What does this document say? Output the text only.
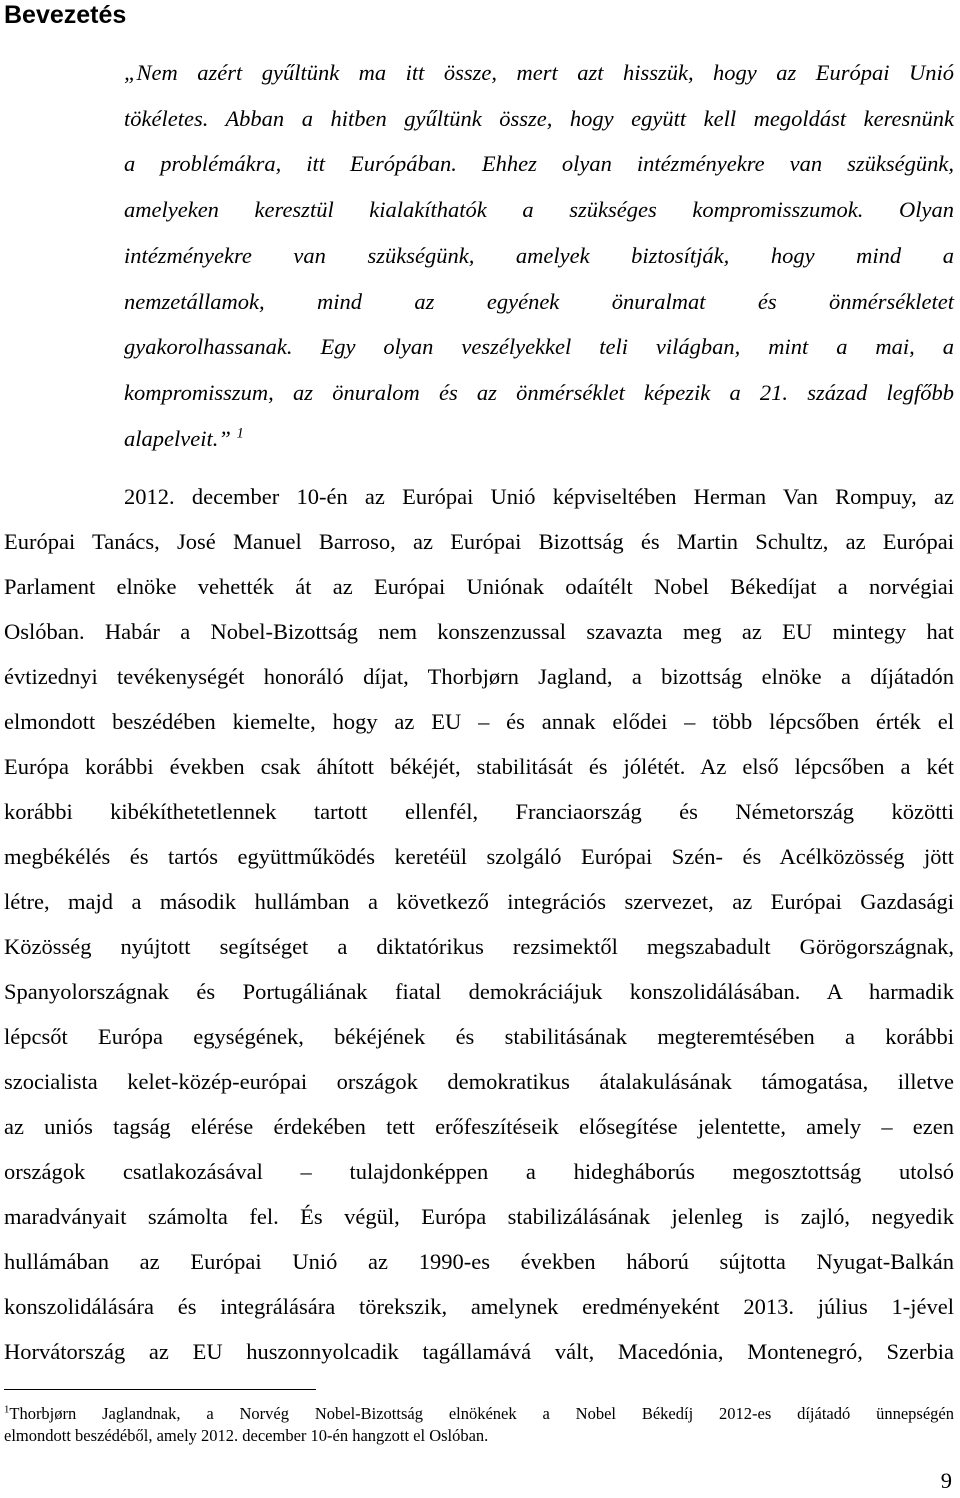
Bevezetés
„Nem azért gyűltünk ma itt össze, mert azt hisszük, hogy az Európai Unió
tökéletes. Abban a hitben gyűltünk össze, hogy együtt kell megoldást keresnünk
a problémákra, itt Európában. Ehhez olyan intézményekre van szükségünk,
amelyeken keresztül kialakíthatók a szükséges kompromisszumok. Olyan
intézményekre van szükségünk, amelyek biztosítják, hogy mind a
nemzetállamok, mind az egyének önuralmat és önmérsékletet
gyakorolhassanak. Egy olyan veszélyekkel teli világban, mint a mai, a
kompromisszum, az önuralom és az önmérséklet képezik a 21. század legfőbb
alapelveit.” $^1$
2012. december 10-én az Európai Unió képviseltében Herman Van Rompuy, az
Európai Tanács, José Manuel Barroso, az Európai Bizottság és Martin Schultz, az Európai
Parlament elnöke vehették át az Európai Uniónak odaítélt Nobel Békedíjat a norvégiai
Oslóban. Habár a Nobel-Bizottság nem konszenzussal szavazta meg az EU mintegy hat
évtizednyi tevékenységét honoráló díjat, Thorbjørn Jagland, a bizottság elnöke a díjátadón
elmondott beszédében kiemelte, hogy az EU – és annak elődei – több lépcsőben érték el
Európa korábbi években csak áhított békéjét, stabilitását és jólétét. Az első lépcsőben a két
korábbi kibékíthetetlennek tartott ellenfél, Franciaország és Németország közötti
megbékélés és tartós együttműködés keretéül szolgáló Európai Szén- és Acélközösség jött
létre, majd a második hullámban a következő integrációs szervezet, az Európai Gazdasági
Közösség nyújtott segítséget a diktatórikus rezsimektől megszabadult Görögországnak,
Spanyolországnak és Portugáliának fiatal demokráciájuk konszolidálásában. A harmadik
lépcsőt Európa egységének, békéjének és stabilitásának megteremtésében a korábbi
szocialista kelet-közép-európai országok demokratikus átalakulásának támogatása, illetve
az uniós tagság elérése érdekében tett erőfeszítéseik elősegítése jelentette, amely – ezen
országok csatlakozásával – tulajdonképpen a hidegháborús megosztottság utolsó
maradványait számolta fel. És végül, Európa stabilizálásának jelenleg is zajló, negyedik
hullámában az Európai Unió az 1990-es években háború sújtotta Nyugat-Balkán
konszolidálására és integrálására törekszik, amelynek eredményeként 2013. július 1-jével
Horvátország az EU huszonnyolcadik tagállamává vált, Macedónia, Montenegró, Szerbia
$^1$Thorbjørn Jaglandnak, a Norvég Nobel-Bizottság elnökének a Nobel Békedíj 2012-es díjátadó ünnepségén
elmondott beszédéből, amely 2012. december 10-én hangzott el Oslóban.
9
